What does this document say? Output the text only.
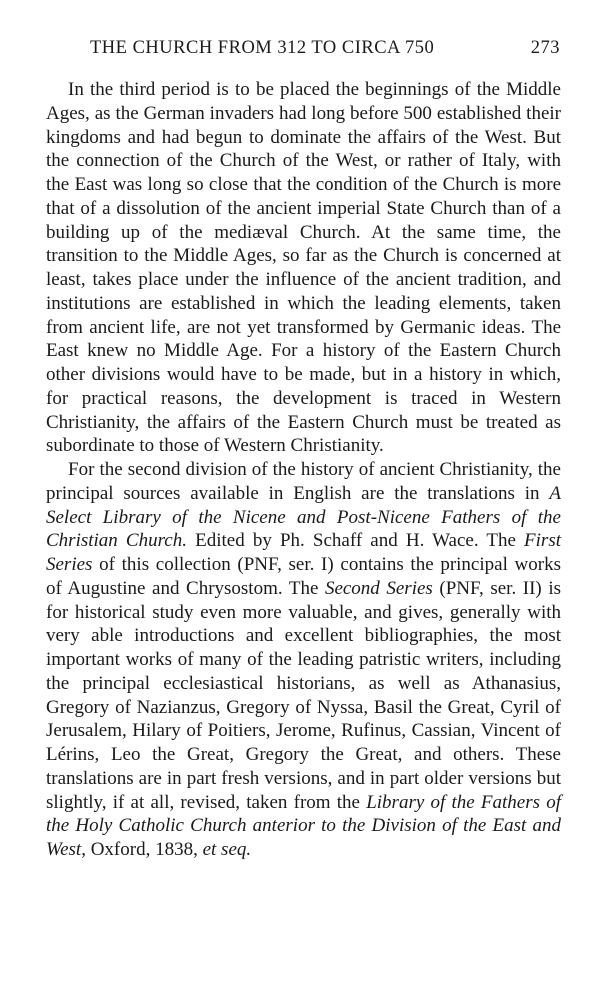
THE CHURCH FROM 312 TO CIRCA 750	273

In the third period is to be placed the beginnings of the Middle Ages, as the German invaders had long before 500 established their kingdoms and had begun to dominate the affairs of the West. But the connection of the Church of the West, or rather of Italy, with the East was long so close that the condition of the Church is more that of a dissolution of the ancient imperial State Church than of a building up of the mediæval Church. At the same time, the transition to the Middle Ages, so far as the Church is concerned at least, takes place under the influence of the ancient tradition, and institutions are established in which the leading elements, taken from ancient life, are not yet transformed by Germanic ideas. The East knew no Middle Age. For a history of the Eastern Church other divisions would have to be made, but in a history in which, for practical reasons, the development is traced in Western Christianity, the affairs of the Eastern Church must be treated as subordinate to those of Western Christianity.

For the second division of the history of ancient Christianity, the principal sources available in English are the translations in A Select Library of the Nicene and Post-Nicene Fathers of the Christian Church. Edited by Ph. Schaff and H. Wace. The First Series of this collection (PNF, ser. I) contains the principal works of Augustine and Chrysostom. The Second Series (PNF, ser. II) is for historical study even more valuable, and gives, generally with very able introductions and excellent bibliographies, the most important works of many of the leading patristic writers, including the principal ecclesiastical historians, as well as Athanasius, Gregory of Nazianzus, Gregory of Nyssa, Basil the Great, Cyril of Jerusalem, Hilary of Poitiers, Jerome, Rufinus, Cassian, Vincent of Lérins, Leo the Great, Gregory the Great, and others. These translations are in part fresh versions, and in part older versions but slightly, if at all, revised, taken from the Library of the Fathers of the Holy Catholic Church anterior to the Division of the East and West, Oxford, 1838, et seq.
